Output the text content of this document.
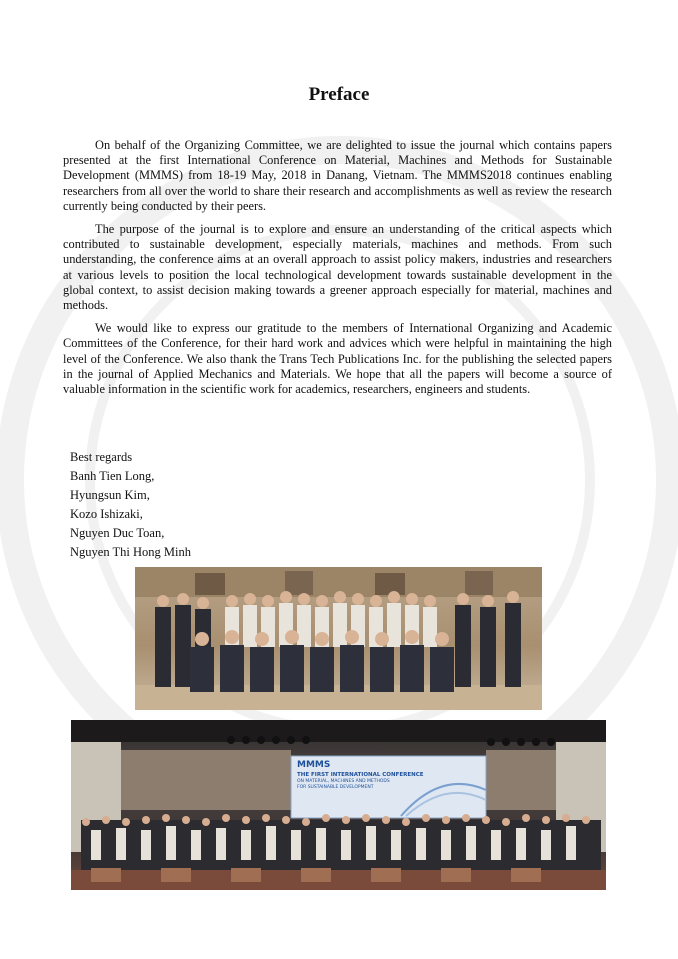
Preface

On behalf of the Organizing Committee, we are delighted to issue the journal which contains papers presented at the first International Conference on Material, Machines and Methods for Sustainable Development (MMMS) from 18-19 May, 2018 in Danang, Vietnam. The MMMS2018 continues enabling researchers from all over the world to share their research and accomplishments as well as review the research currently being conducted by their peers.

The purpose of the journal is to explore and ensure an understanding of the critical aspects which contributed to sustainable development, especially materials, machines and methods. From such understanding, the conference aims at an overall approach to assist policy makers, industries and researchers at various levels to position the local technological development towards sustainable development in the global context, to assist decision making towards a greener approach especially for material, machines and methods.

We would like to express our gratitude to the members of International Organizing and Academic Committees of the Conference, for their hard work and advices which were helpful in maintaining the high level of the Conference. We also thank the Trans Tech Publications Inc. for the publishing the selected papers in the journal of Applied Mechanics and Materials. We hope that all the papers will become a source of valuable information in the scientific work for academics, researchers, engineers and students.

Best regards
Banh Tien Long,
Hyungsun Kim,
Kozo Ishizaki,
Nguyen Duc Toan,
Nguyen Thi Hong Minh
MMMS
THE FIRST INTERNATIONAL CONFERENCE
ON MATERIAL, MACHINES AND METHODS
FOR SUSTAINABLE DEVELOPMENT
